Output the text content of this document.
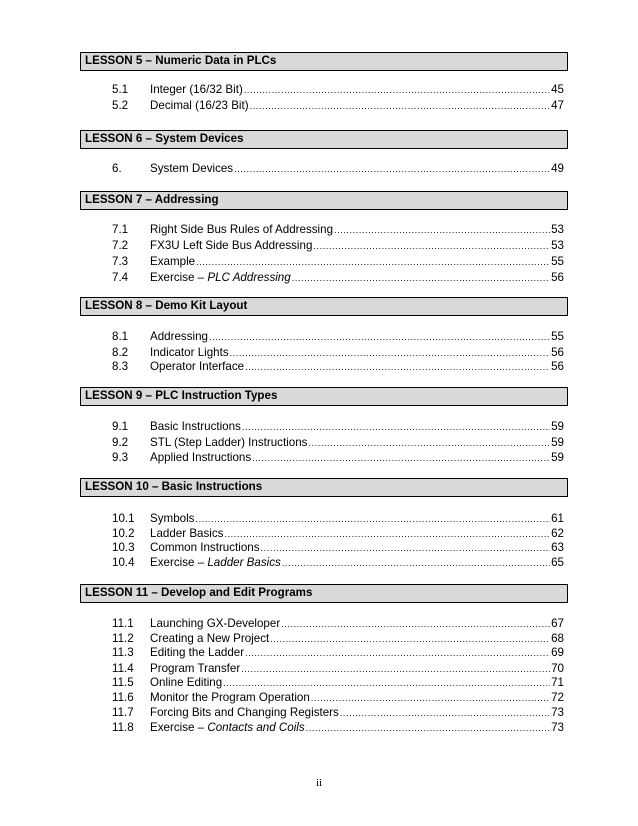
LESSON 5 – Numeric Data in PLCs
LESSON 6 – System Devices
LESSON 7 – Addressing
LESSON 8 – Demo Kit Layout
LESSON 9 – PLC Instruction Types
LESSON 10 – Basic Instructions
LESSON 11 – Develop and Edit Programs
5.1 Integer (16/32 Bit) .....	45
5.2 Decimal (16/23 Bit) .....	47
6. System Devices .....	49
7.1 Right Side Bus Rules of Addressing .....	53
7.2 FX3U Left Side Bus Addressing .....	53
7.3 Example .....	55
7.4 Exercise – PLC Addressing .....	56
8.1 Addressing .....	55
8.2 Indicator Lights .....	56
8.3 Operator Interface .....	56
9.1 Basic Instructions .....	59
9.2 STL (Step Ladder) Instructions .....	59
9.3 Applied Instructions .....	59
10.1 Symbols .....	61
10.2 Ladder Basics .....	62
10.3 Common Instructions .....	63
10.4 Exercise – Ladder Basics .....	65
11.1 Launching GX-Developer .....	67
11.2 Creating a New Project .....	68
11.3 Editing the Ladder .....	69
11.4 Program Transfer .....	70
11.5 Online Editing .....	71
11.6 Monitor the Program Operation .....	72
11.7 Forcing Bits and Changing Registers .....	73
11.8 Exercise – Contacts and Coils .....	73
ii
